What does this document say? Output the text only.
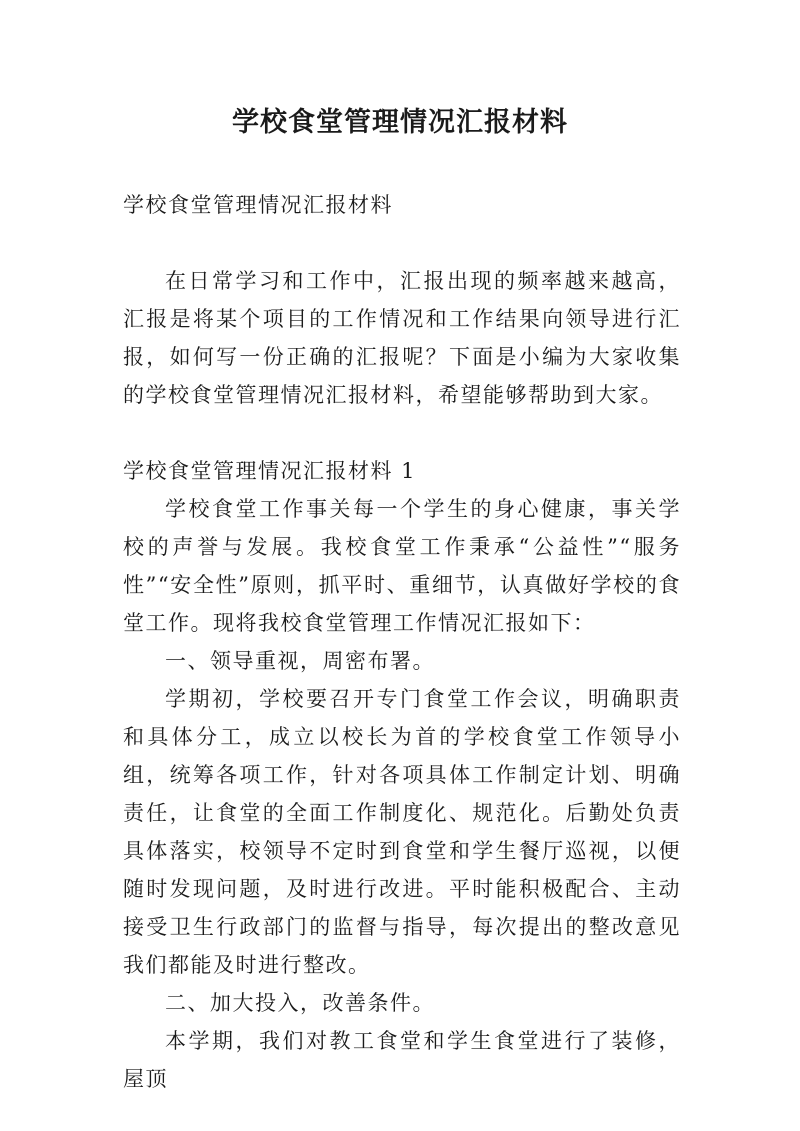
学校食堂管理情况汇报材料
学校食堂管理情况汇报材料
在日常学习和工作中，汇报出现的频率越来越高，汇报是将某个项目的工作情况和工作结果向领导进行汇报，如何写一份正确的汇报呢？下面是小编为大家收集的学校食堂管理情况汇报材料，希望能够帮助到大家。

学校食堂管理情况汇报材料 1

学校食堂工作事关每一个学生的身心健康，事关学校的声誉与发展。我校食堂工作秉承“公益性”“服务性”“安全性”原则，抓平时、重细节，认真做好学校的食堂工作。现将我校食堂管理工作情况汇报如下：

一、领导重视，周密布署。

学期初，学校要召开专门食堂工作会议，明确职责和具体分工，成立以校长为首的学校食堂工作领导小组，统筹各项工作，针对各项具体工作制定计划、明确责任，让食堂的全面工作制度化、规范化。后勤处负责具体落实，校领导不定时到食堂和学生餐厅巡视，以便随时发现问题，及时进行改进。平时能积极配合、主动接受卫生行政部门的监督与指导，每次提出的整改意见我们都能及时进行整改。

二、加大投入，改善条件。

本学期，我们对教工食堂和学生食堂进行了装修，屋顶
